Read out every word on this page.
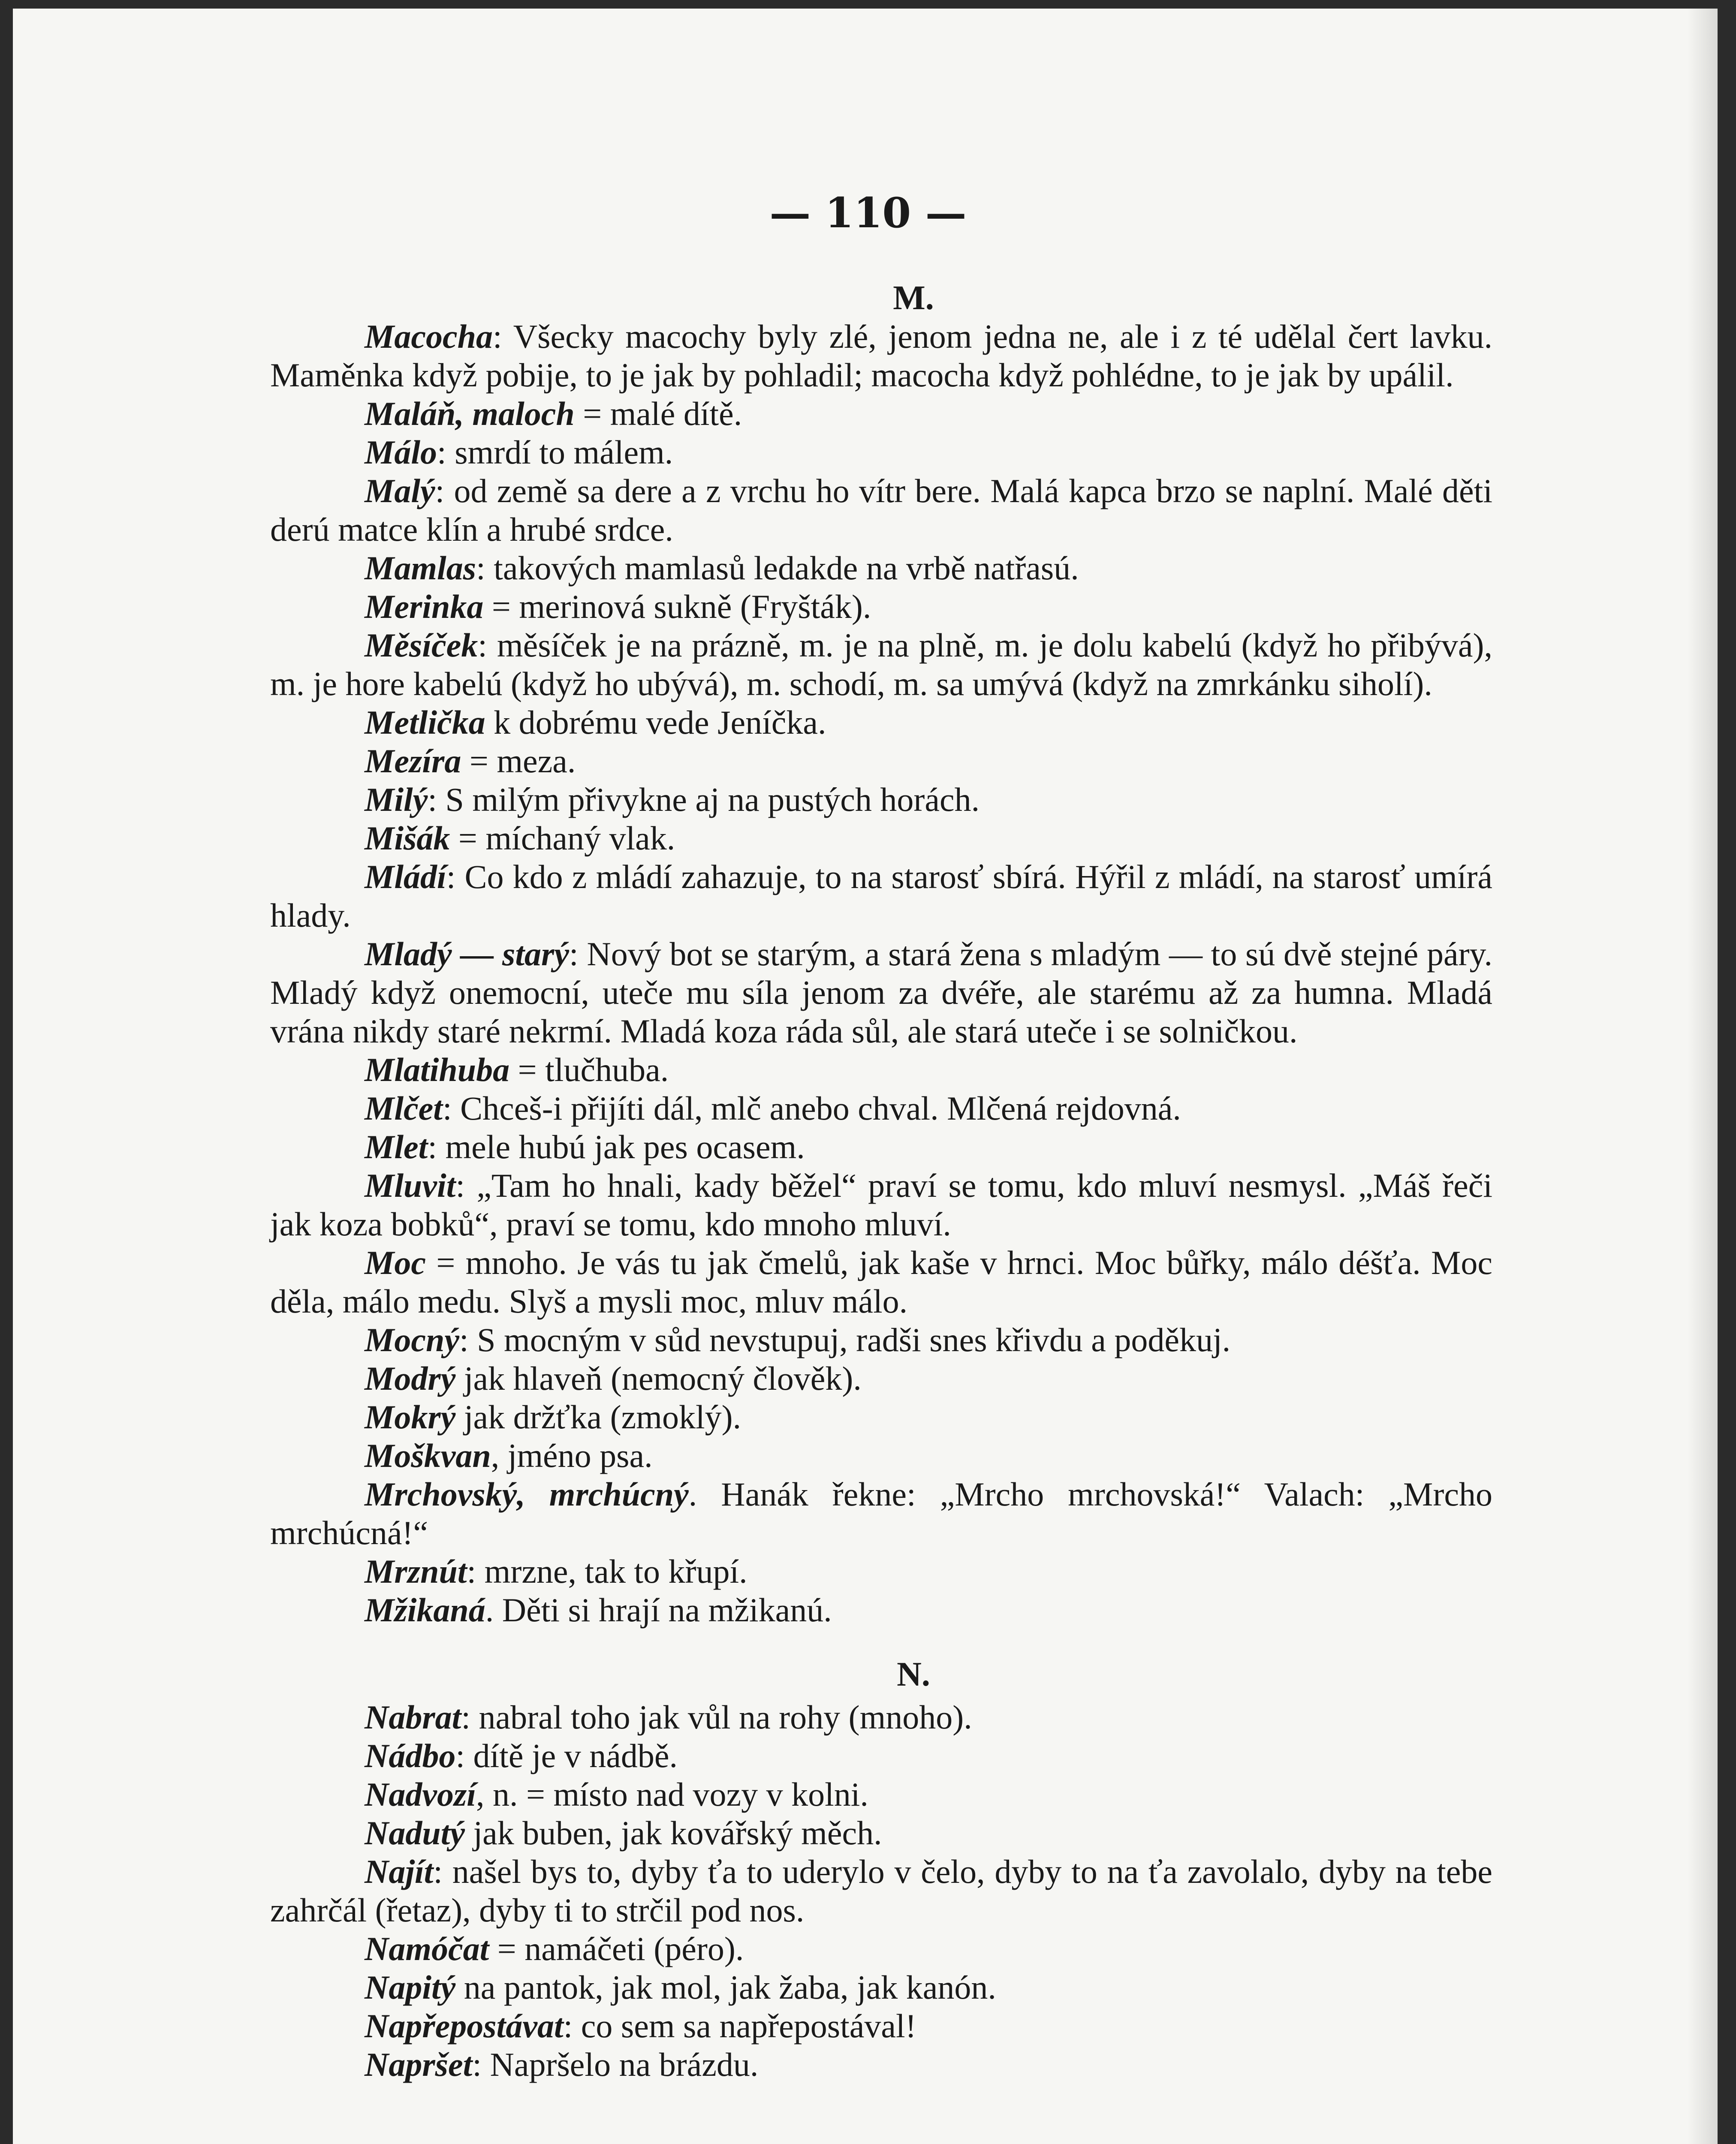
— 110 —
M.

Macocha: Všecky macochy byly zlé, jenom jedna ne, ale i z té udělal čert lavku. Maměnka když pobije, to je jak by pohladil; macocha když pohlédne, to je jak by upálil.

Maláň, maloch = malé dítě.

Málo: smrdí to málem.

Malý: od země sa dere a z vrchu ho vítr bere. Malá kapca brzo se naplní. Malé děti derú matce klín a hrubé srdce.

Mamlas: takových mamlasů ledakde na vrbě natřasú.

Merinka = merinová sukně (Fryšták).

Měsíček: měsíček je na prázně, m. je na plně, m. je dolu kabelú (když ho přibývá), m. je hore kabelú (když ho ubývá), m. schodí, m. sa umývá (když na zmrkánku siholí).

Metlička k dobrému vede Jeníčka.

Mezíra = meza.

Milý: S milým přivykne aj na pustých horách.

Mišák = míchaný vlak.

Mládí: Co kdo z mládí zahazuje, to na starosť sbírá. Hýřil z mládí, na starosť umírá hlady.

Mladý — starý: Nový bot se starým, a stará žena s mladým — to sú dvě stejné páry. Mladý když onemocní, uteče mu síla jenom za dvéře, ale starému až za humna. Mladá vrána nikdy staré nekrmí. Mladá koza ráda sůl, ale stará uteče i se solničkou.

Mlatihuba = tlučhuba.

Mlčet: Chceš-i přijíti dál, mlč anebo chval. Mlčená rejdovná.

Mlet: mele hubú jak pes ocasem.

Mluvit: „Tam ho hnali, kady běžel“ praví se tomu, kdo mluví nesmysl. „Máš řeči jak koza bobků“, praví se tomu, kdo mnoho mluví.

Moc = mnoho. Je vás tu jak čmelů, jak kaše v hrnci. Moc bůřky, málo déšťa. Moc děla, málo medu. Slyš a mysli moc, mluv málo.

Mocný: S mocným v sůd nevstupuj, radši snes křivdu a poděkuj.

Modrý jak hlaveň (nemocný člověk).

Mokrý jak držťka (zmoklý).

Moškvan, jméno psa.

Mrchovský, mrchúcný. Hanák řekne: „Mrcho mrchovská!“ Valach: „Mrcho mrchúcná!“

Mrznút: mrzne, tak to křupí.

Mžikaná. Děti si hrají na mžikanú.

N.

Nabrat: nabral toho jak vůl na rohy (mnoho).

Nádbo: dítě je v nádbě.

Nadvozí, n. = místo nad vozy v kolni.

Nadutý jak buben, jak kovářský měch.

Najít: našel bys to, dyby ťa to uderylo v čelo, dyby to na ťa zavolalo, dyby na tebe zahrčál (řetaz), dyby ti to strčil pod nos.

Namóčat = namáčeti (péro).

Napitý na pantok, jak mol, jak žaba, jak kanón.

Napřepostávat: co sem sa napřepostával!

Napršet: Napršelo na brázdu.
